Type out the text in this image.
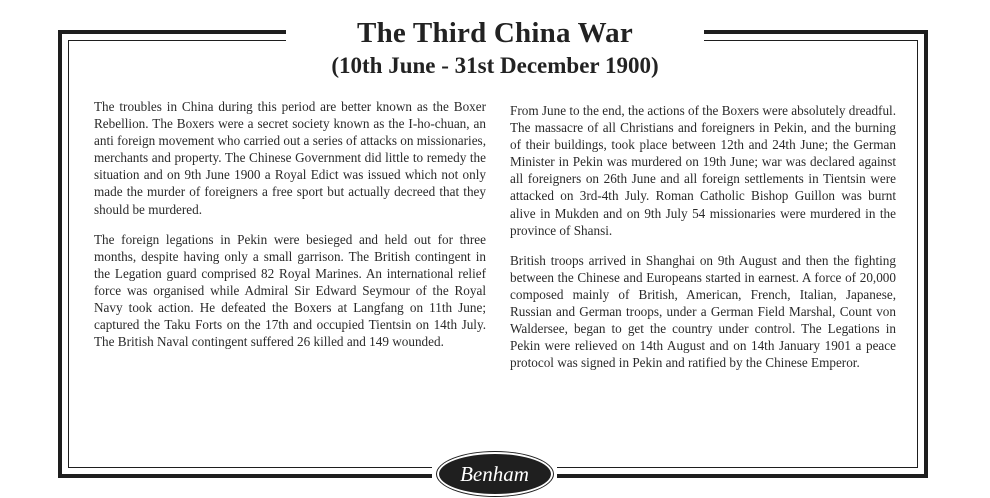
The Third China War
(10th June - 31st December 1900)

The troubles in China during this period are better known as the Boxer Rebellion. The Boxers were a secret society known as the I-ho-chuan, an anti foreign movement who carried out a series of attacks on missionaries, merchants and property. The Chinese Government did little to remedy the situation and on 9th June 1900 a Royal Edict was issued which not only made the murder of foreigners a free sport but actually decreed that they should be murdered.

The foreign legations in Pekin were besieged and held out for three months, despite having only a small garrison. The British contingent in the Legation guard comprised 82 Royal Marines. An international relief force was organised while Admiral Sir Edward Seymour of the Royal Navy took action. He defeated the Boxers at Langfang on 11th June; captured the Taku Forts on the 17th and occupied Tientsin on 14th July. The British Naval contingent suffered 26 killed and 149 wounded.

From June to the end, the actions of the Boxers were absolutely dreadful. The massacre of all Christians and foreigners in Pekin, and the burning of their buildings, took place between 12th and 24th June; the German Minister in Pekin was murdered on 19th June; war was declared against all foreigners on 26th June and all foreign settlements in Tientsin were attacked on 3rd-4th July. Roman Catholic Bishop Guillon was burnt alive in Mukden and on 9th July 54 missionaries were murdered in the province of Shansi.

British troops arrived in Shanghai on 9th August and then the fighting between the Chinese and Europeans started in earnest. A force of 20,000 composed mainly of British, American, French, Italian, Japanese, Russian and German troops, under a German Field Marshal, Count von Waldersee, began to get the country under control. The Legations in Pekin were relieved on 14th August and on 14th January 1901 a peace protocol was signed in Pekin and ratified by the Chinese Emperor.

Benham
